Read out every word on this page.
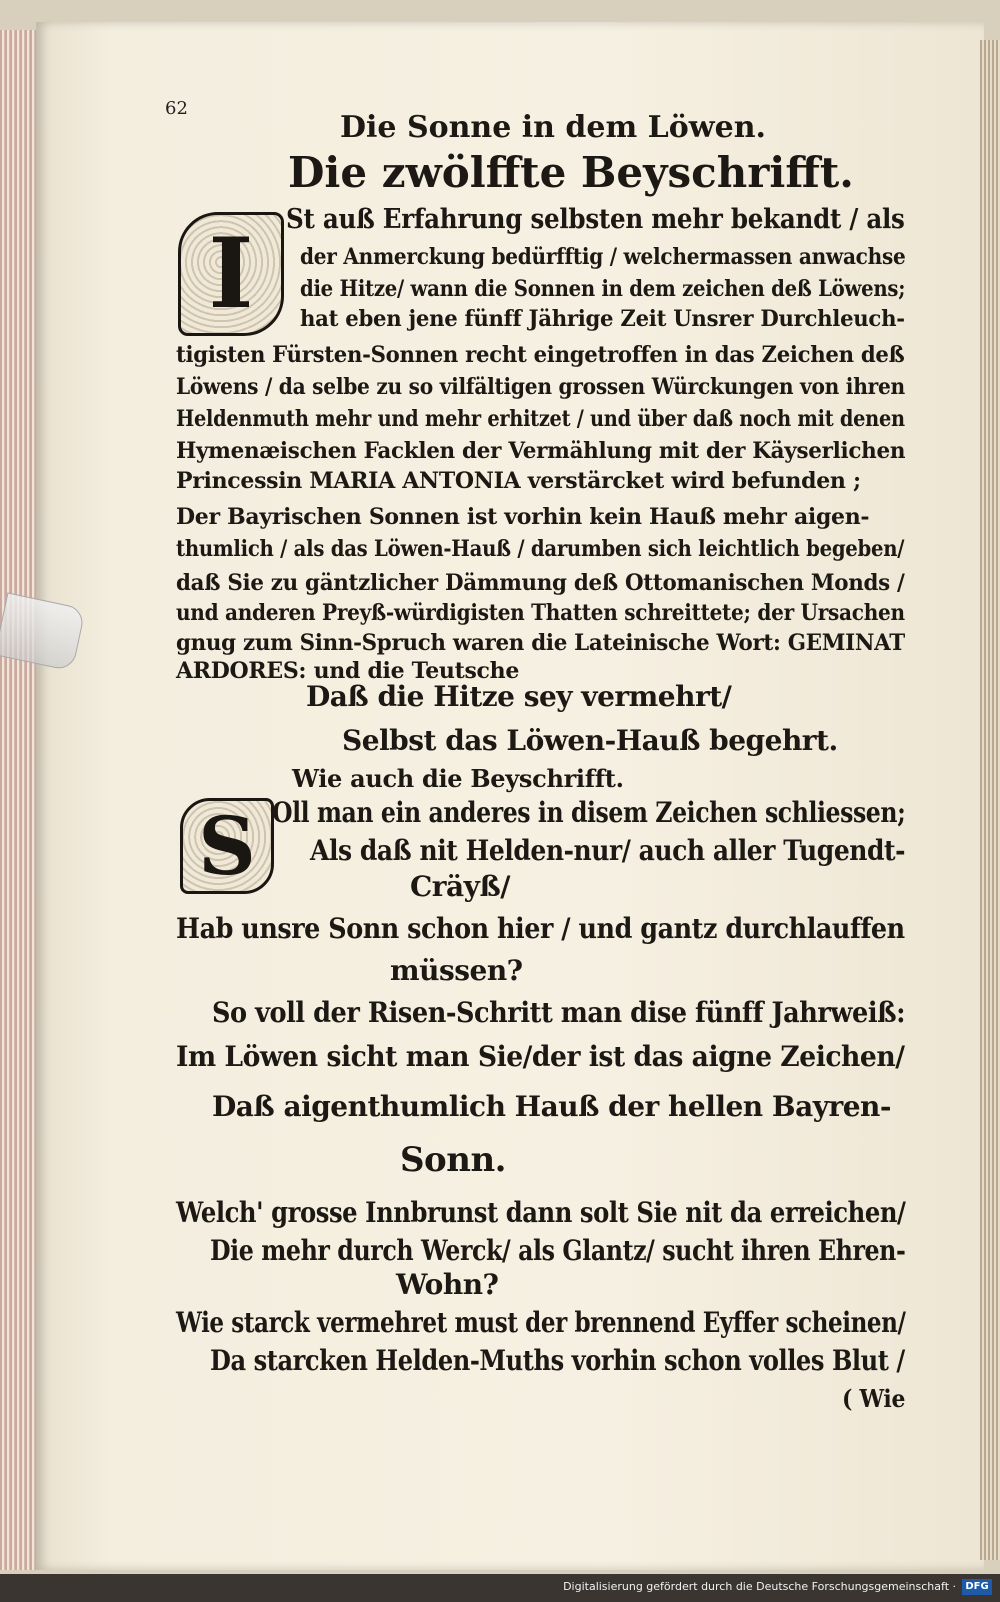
62
Die Sonne in dem Löwen.
Die zwölffte Beyschrifft.
I
S
St auß Erfahrung selbsten mehr bekandt / als
der Anmerckung bedürfftig / welchermassen anwachse
die Hitze/ wann die Sonnen in dem zeichen deß Löwens;
hat eben jene fünff Jährige Zeit Unsrer Durchleuch-
tigisten Fürsten-Sonnen recht eingetroffen in das Zeichen deß
Löwens / da selbe zu so vilfältigen grossen Würckungen von ihren
Heldenmuth mehr und mehr erhitzet / und über daß noch mit denen
Hymenæischen Facklen der Vermählung mit der Käyserlichen
Princessin MARIA ANTONIA verstärcket wird befunden ;
Der Bayrischen Sonnen ist vorhin kein Hauß mehr aigen-
thumlich / als das Löwen-Hauß / darumben sich leichtlich begeben/
daß Sie zu gäntzlicher Dämmung deß Ottomanischen Monds /
und anderen Preyß-würdigisten Thatten schreittete; der Ursachen
gnug zum Sinn-Spruch waren die Lateinische Wort: GEMINAT
ARDORES: und die Teutsche
Daß die Hitze sey vermehrt/
Selbst das Löwen-Hauß begehrt.
Wie auch die Beyschrifft.
Oll man ein anderes in disem Zeichen schliessen;
Als daß nit Helden-nur/ auch aller Tugendt-
Cräyß/
Hab unsre Sonn schon hier / und gantz durchlauffen
müssen?
So voll der Risen-Schritt man dise fünff Jahrweiß:
Im Löwen sicht man Sie/der ist das aigne Zeichen/
Daß aigenthumlich Hauß der hellen Bayren-
Sonn.
Welch' grosse Innbrunst dann solt Sie nit da erreichen/
Die mehr durch Werck/ als Glantz/ sucht ihren Ehren-
Wohn?
Wie starck vermehret must der brennend Eyffer scheinen/
Da starcken Helden-Muths vorhin schon volles Blut /
( Wie
Digitalisierung gefördert durch die Deutsche Forschungsgemeinschaft · DFG
